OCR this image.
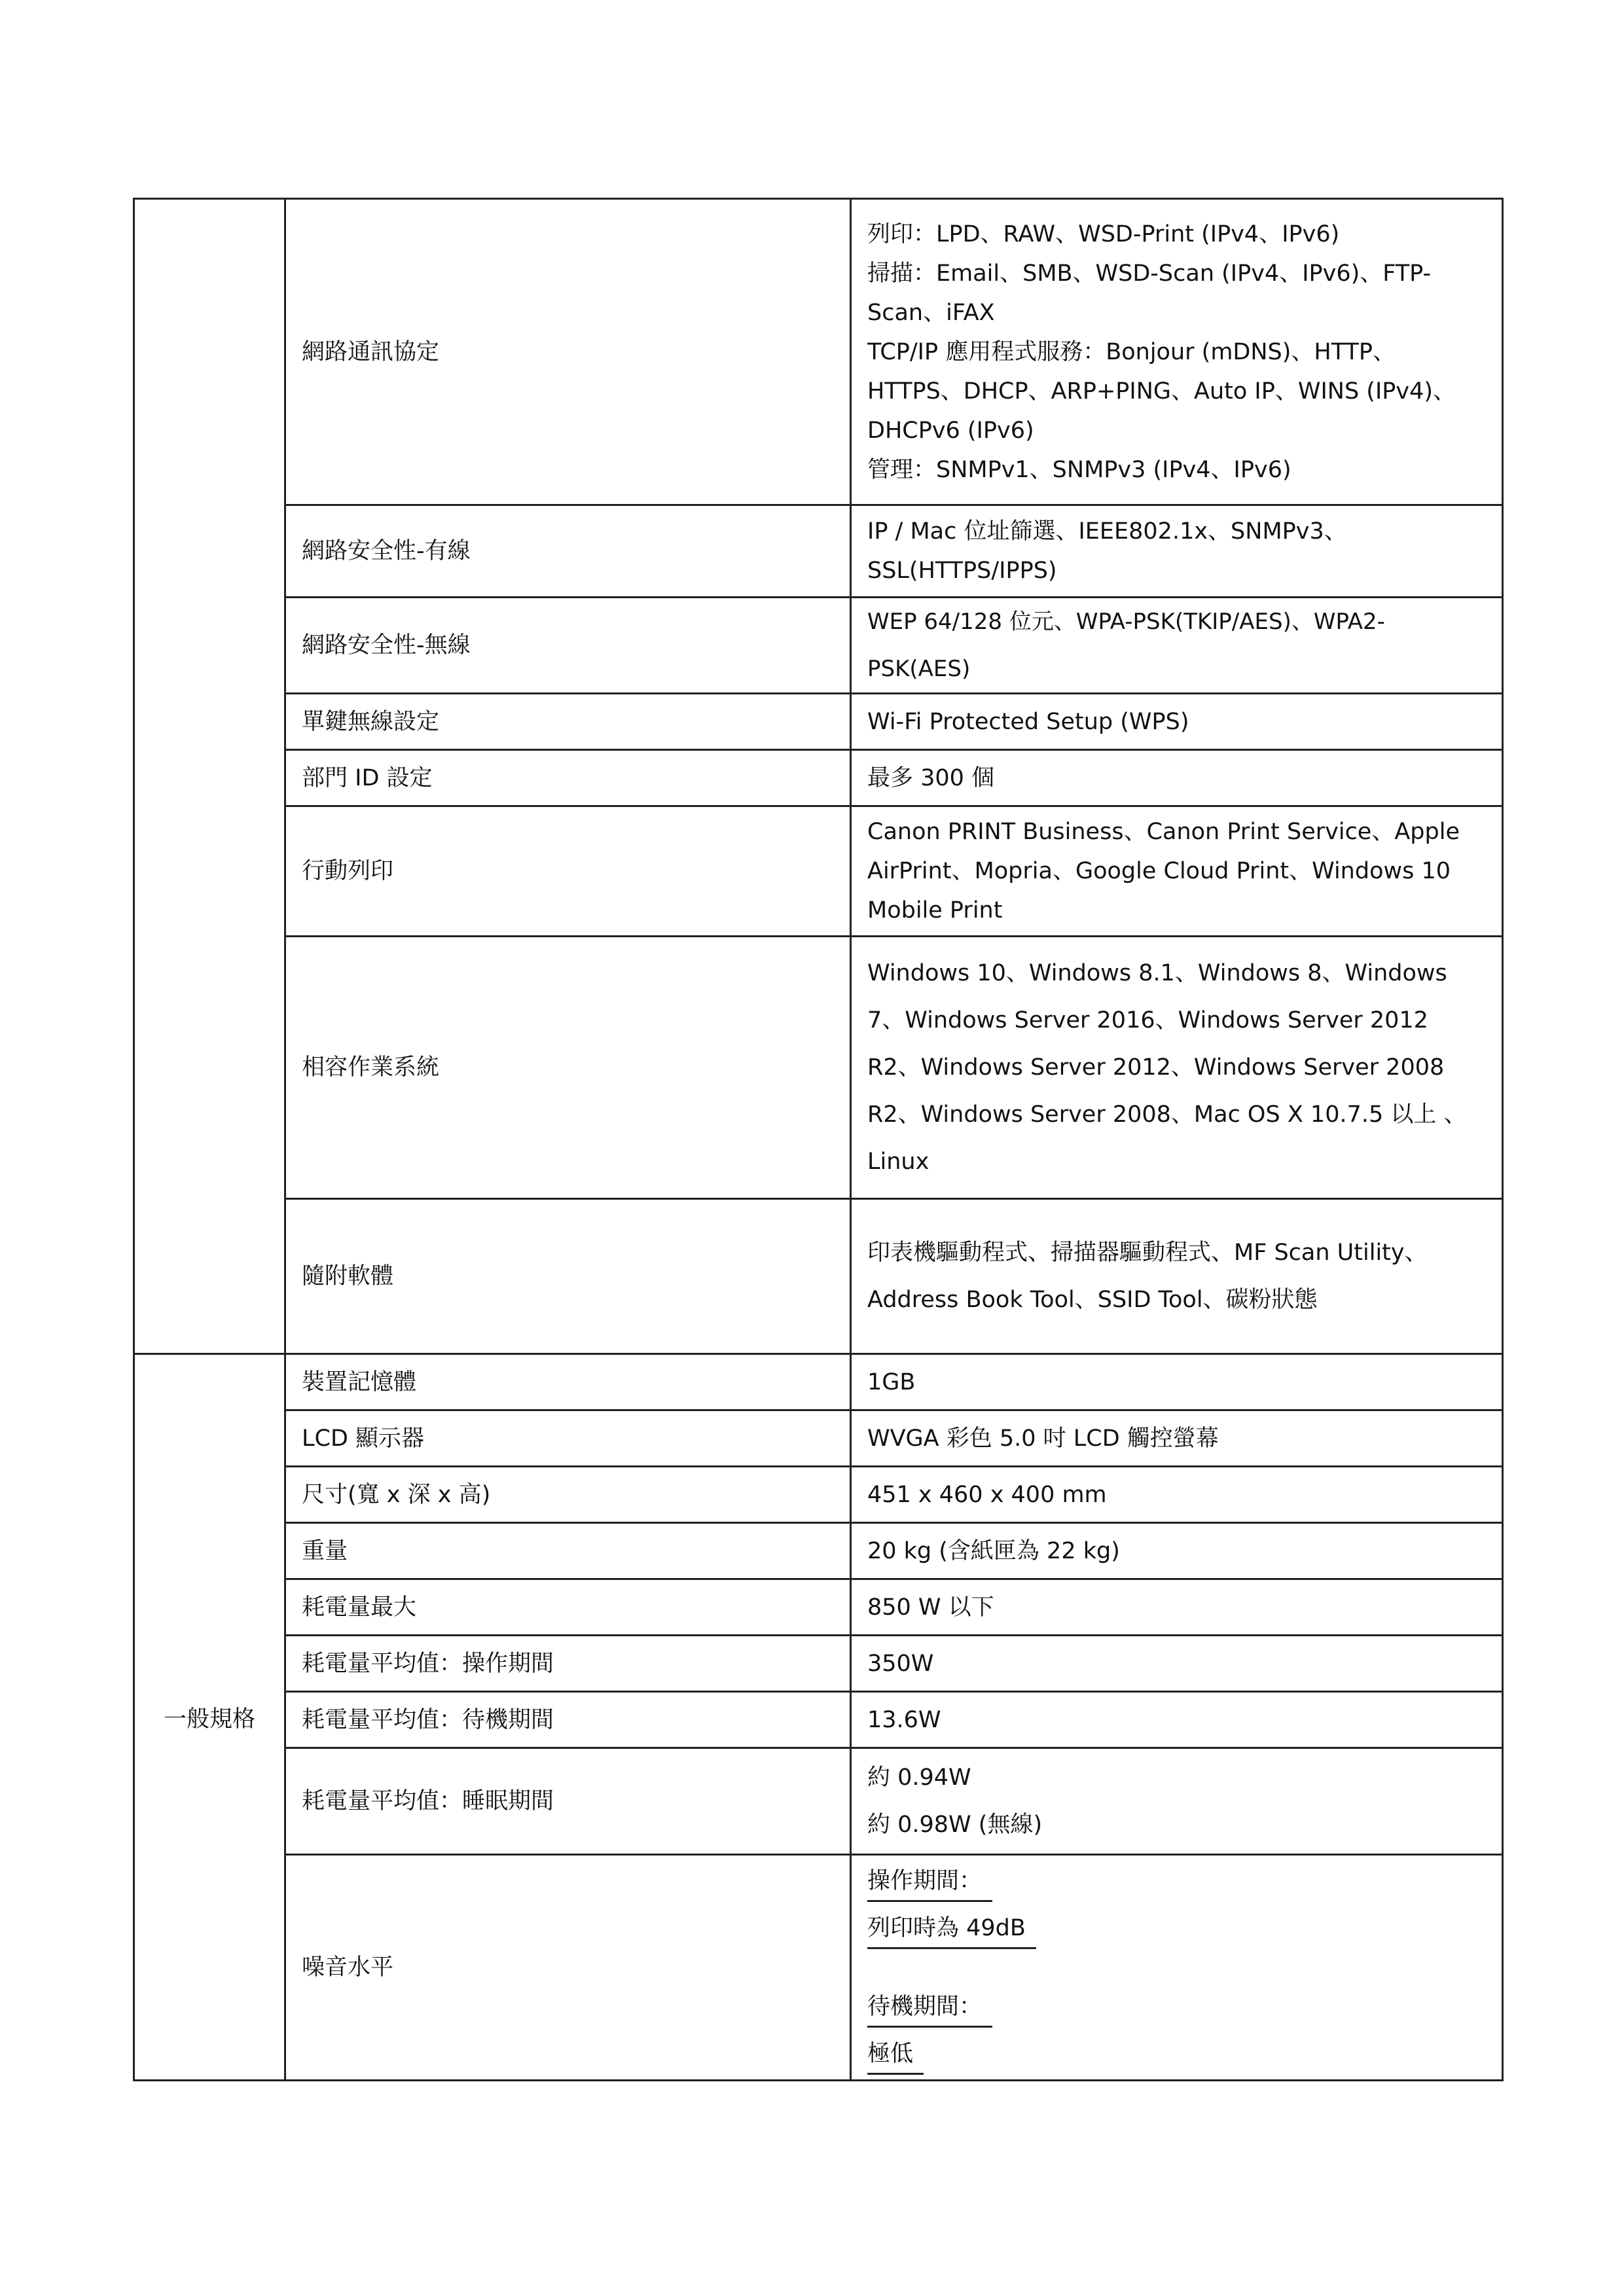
	網路通訊協定	列印：LPD、RAW、WSD-Print (IPv4、IPv6)
掃描：Email、SMB、WSD-Scan (IPv4、IPv6)、FTP-Scan、iFAX
TCP/IP 應用程式服務：Bonjour (mDNS)、HTTP、HTTPS、DHCP、ARP+PING、Auto IP、WINS (IPv4)、DHCPv6 (IPv6)
管理：SNMPv1、SNMPv3 (IPv4、IPv6)

	網路安全性-有線	IP / Mac 位址篩選、IEEE802.1x、SNMPv3、SSL(HTTPS/IPPS)

	網路安全性-無線	WEP 64/128 位元、WPA-PSK(TKIP/AES)、WPA2-PSK(AES)

	單鍵無線設定	Wi-Fi Protected Setup (WPS)

	部門 ID 設定	最多 300 個

	行動列印	Canon PRINT Business、Canon Print Service、Apple AirPrint、Mopria、Google Cloud Print、Windows 10 Mobile Print

	相容作業系統	Windows 10、Windows 8.1、Windows 8、Windows 7、Windows Server 2016、Windows Server 2012 R2、Windows Server 2012、Windows Server 2008 R2、Windows Server 2008、Mac OS X 10.7.5 以上 、Linux

	隨附軟體	印表機驅動程式、掃描器驅動程式、MF Scan Utility、Address Book Tool、SSID Tool、碳粉狀態

一般規格	裝置記憶體	1GB

	LCD 顯示器	WVGA 彩色 5.0 吋 LCD 觸控螢幕

	尺寸(寬 x 深 x 高)	451 x 460 x 400 mm

	重量	20 kg (含紙匣為 22 kg)

	耗電量最大	850 W 以下

	耗電量平均值：操作期間	350W

	耗電量平均值：待機期間	13.6W

	耗電量平均值：睡眠期間	約 0.94W
約 0.98W (無線)

	噪音水平	操作期間：
列印時為 49dB
待機期間：
極低
